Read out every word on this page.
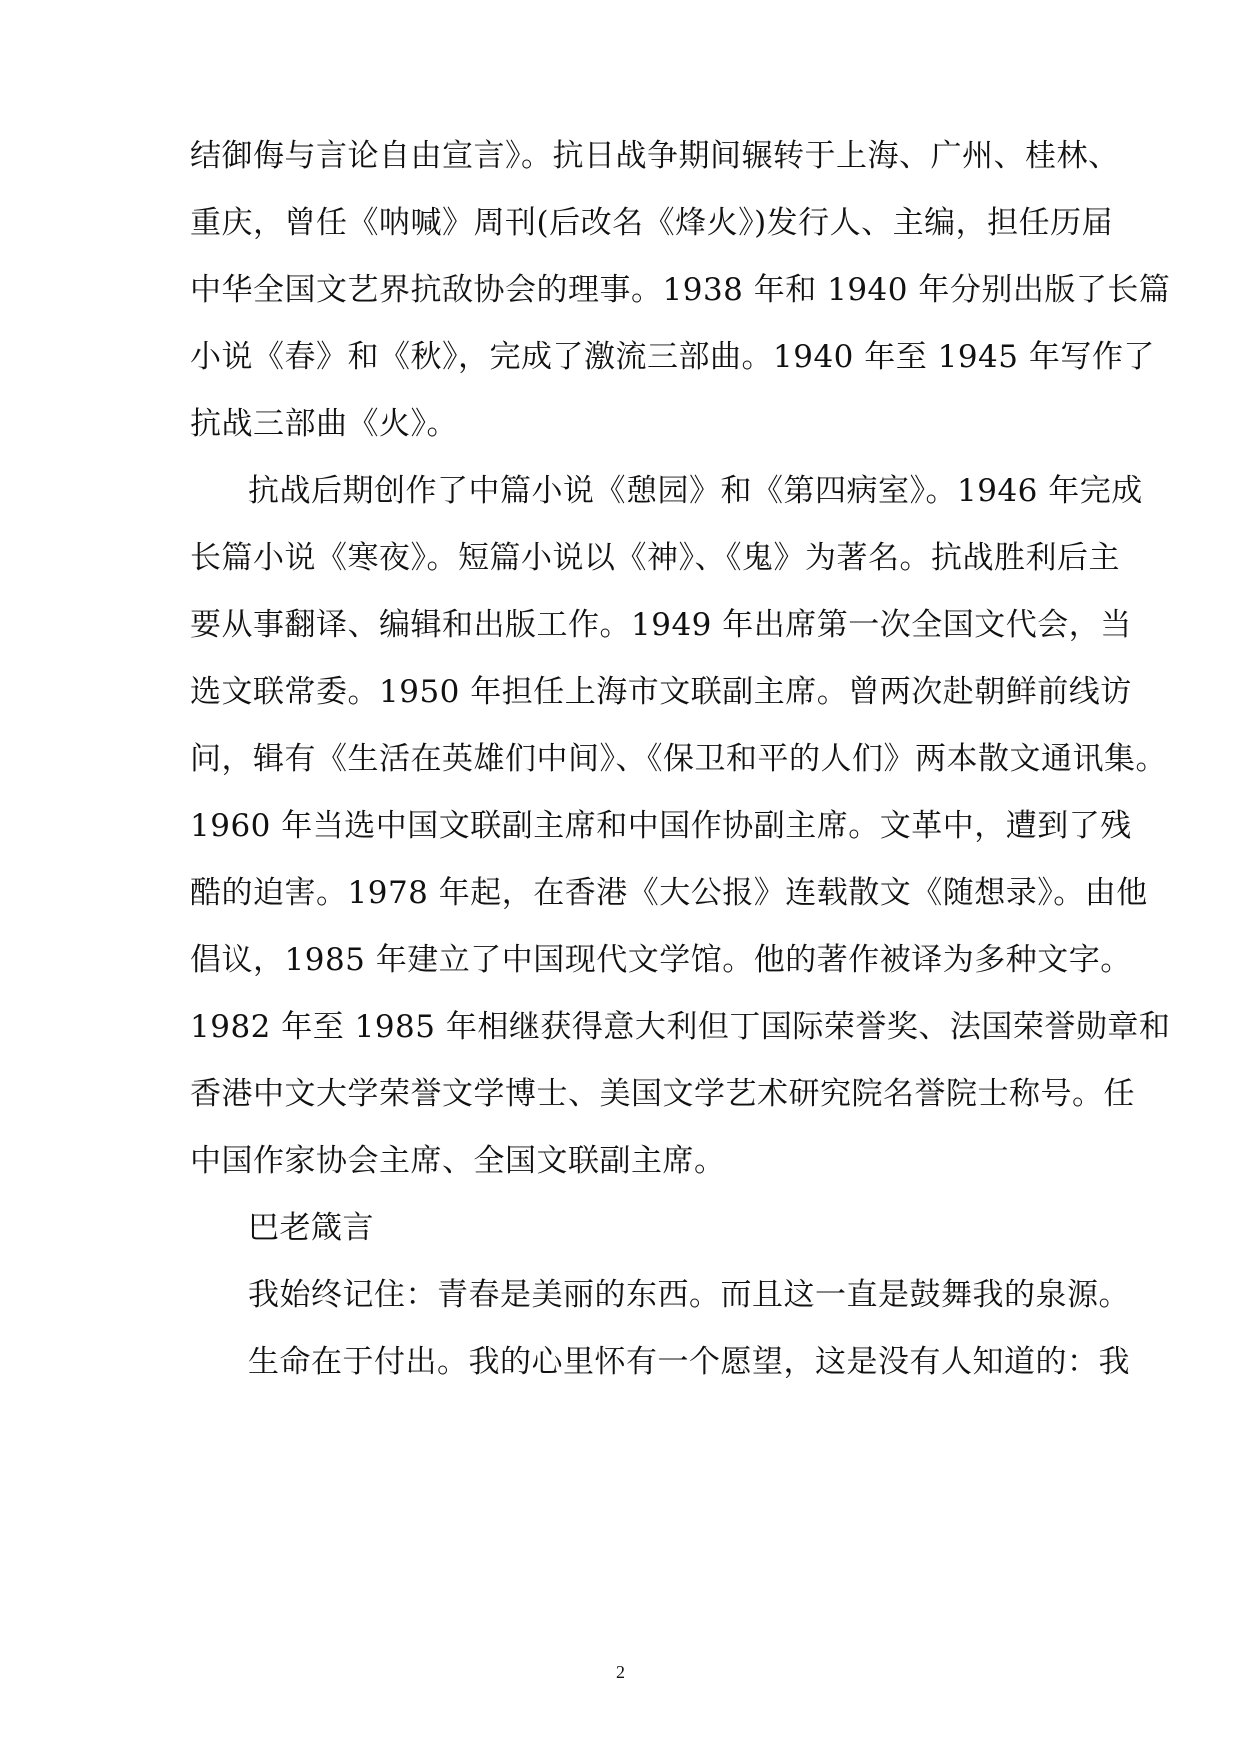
结御侮与言论自由宣言》。抗日战争期间辗转于上海、广州、桂林、
重庆，曾任《呐喊》周刊(后改名《烽火》)发行人、主编，担任历届
中华全国文艺界抗敌协会的理事。1938 年和 1940 年分别出版了长篇
小说《春》和《秋》，完成了激流三部曲。1940 年至 1945 年写作了
抗战三部曲《火》。
抗战后期创作了中篇小说《憩园》和《第四病室》。1946 年完成
长篇小说《寒夜》。短篇小说以《神》、《鬼》为著名。抗战胜利后主
要从事翻译、编辑和出版工作。1949 年出席第一次全国文代会，当
选文联常委。1950 年担任上海市文联副主席。曾两次赴朝鲜前线访
问，辑有《生活在英雄们中间》、《保卫和平的人们》两本散文通讯集。
1960 年当选中国文联副主席和中国作协副主席。文革中，遭到了残
酷的迫害。1978 年起，在香港《大公报》连载散文《随想录》。由他
倡议，1985 年建立了中国现代文学馆。他的著作被译为多种文字。
1982 年至 1985 年相继获得意大利但丁国际荣誉奖、法国荣誉勋章和
香港中文大学荣誉文学博士、美国文学艺术研究院名誉院士称号。任
中国作家协会主席、全国文联副主席。
巴老箴言
我始终记住：青春是美丽的东西。而且这一直是鼓舞我的泉源。
生命在于付出。我的心里怀有一个愿望，这是没有人知道的：我
2
